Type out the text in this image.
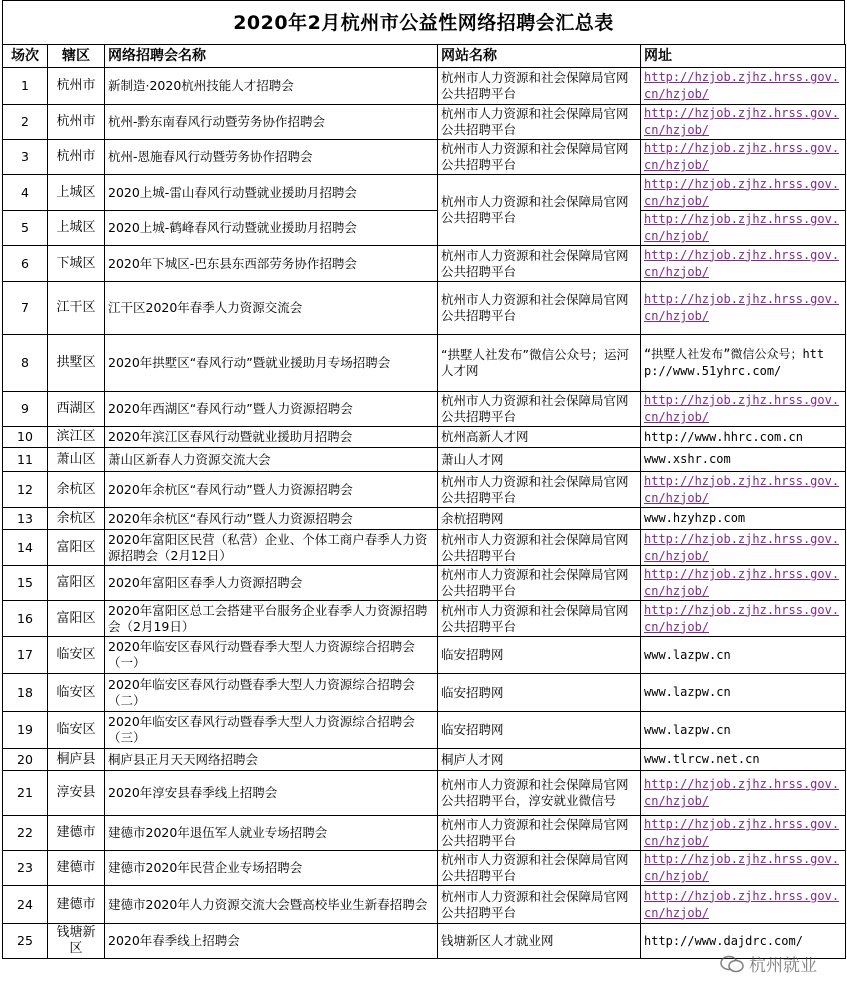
2020年2月杭州市公益性网络招聘会汇总表
场次	辖区	网络招聘会名称	网站名称	网址
1	杭州市	新制造·2020杭州技能人才招聘会	杭州市人力资源和社会保障局官网公共招聘平台	http://hzjob.zjhz.hrss.gov.cn/hzjob/
2	杭州市	杭州-黔东南春风行动暨劳务协作招聘会	杭州市人力资源和社会保障局官网公共招聘平台	http://hzjob.zjhz.hrss.gov.cn/hzjob/
3	杭州市	杭州-恩施春风行动暨劳务协作招聘会	杭州市人力资源和社会保障局官网公共招聘平台	http://hzjob.zjhz.hrss.gov.cn/hzjob/
4	上城区	2020上城-雷山春风行动暨就业援助月招聘会	杭州市人力资源和社会保障局官网公共招聘平台	http://hzjob.zjhz.hrss.gov.cn/hzjob/
5	上城区	2020上城-鹤峰春风行动暨就业援助月招聘会		http://hzjob.zjhz.hrss.gov.cn/hzjob/
6	下城区	2020年下城区-巴东县东西部劳务协作招聘会	杭州市人力资源和社会保障局官网公共招聘平台	http://hzjob.zjhz.hrss.gov.cn/hzjob/
7	江干区	江干区2020年春季人力资源交流会	杭州市人力资源和社会保障局官网公共招聘平台	http://hzjob.zjhz.hrss.gov.cn/hzjob/
8	拱墅区	2020年拱墅区“春风行动”暨就业援助月专场招聘会	“拱墅人社发布”微信公众号；运河人才网	“拱墅人社发布”微信公众号；http://www.51yhrc.com/
9	西湖区	2020年西湖区“春风行动”暨人力资源招聘会	杭州市人力资源和社会保障局官网公共招聘平台	http://hzjob.zjhz.hrss.gov.cn/hzjob/
10	滨江区	2020年滨江区春风行动暨就业援助月招聘会	杭州高新人才网	http://www.hhrc.com.cn
11	萧山区	萧山区新春人力资源交流大会	萧山人才网	www.xshr.com
12	余杭区	2020年余杭区“春风行动”暨人力资源招聘会	杭州市人力资源和社会保障局官网公共招聘平台	http://hzjob.zjhz.hrss.gov.cn/hzjob/
13	余杭区	2020年余杭区“春风行动”暨人力资源招聘会	余杭招聘网	www.hzyhzp.com
14	富阳区	2020年富阳区民营（私营）企业、个体工商户春季人力资源招聘会（2月12日）	杭州市人力资源和社会保障局官网公共招聘平台	http://hzjob.zjhz.hrss.gov.cn/hzjob/
15	富阳区	2020年富阳区春季人力资源招聘会	杭州市人力资源和社会保障局官网公共招聘平台	http://hzjob.zjhz.hrss.gov.cn/hzjob/
16	富阳区	2020年富阳区总工会搭建平台服务企业春季人力资源招聘会（2月19日）	杭州市人力资源和社会保障局官网公共招聘平台	http://hzjob.zjhz.hrss.gov.cn/hzjob/
17	临安区	2020年临安区春风行动暨春季大型人力资源综合招聘会（一）	临安招聘网	www.lazpw.cn
18	临安区	2020年临安区春风行动暨春季大型人力资源综合招聘会（二）	临安招聘网	www.lazpw.cn
19	临安区	2020年临安区春风行动暨春季大型人力资源综合招聘会（三）	临安招聘网	www.lazpw.cn
20	桐庐县	桐庐县正月天天网络招聘会	桐庐人才网	www.tlrcw.net.cn
21	淳安县	2020年淳安县春季线上招聘会	杭州市人力资源和社会保障局官网公共招聘平台，淳安就业微信号	http://hzjob.zjhz.hrss.gov.cn/hzjob/
22	建德市	建德市2020年退伍军人就业专场招聘会	杭州市人力资源和社会保障局官网公共招聘平台	http://hzjob.zjhz.hrss.gov.cn/hzjob/
23	建德市	建德市2020年民营企业专场招聘会	杭州市人力资源和社会保障局官网公共招聘平台	http://hzjob.zjhz.hrss.gov.cn/hzjob/
24	建德市	建德市2020年人力资源交流大会暨高校毕业生新春招聘会	杭州市人力资源和社会保障局官网公共招聘平台	http://hzjob.zjhz.hrss.gov.cn/hzjob/
25	钱塘新区	2020年春季线上招聘会	钱塘新区人才就业网	http://www.dajdrc.com/
杭州就业
